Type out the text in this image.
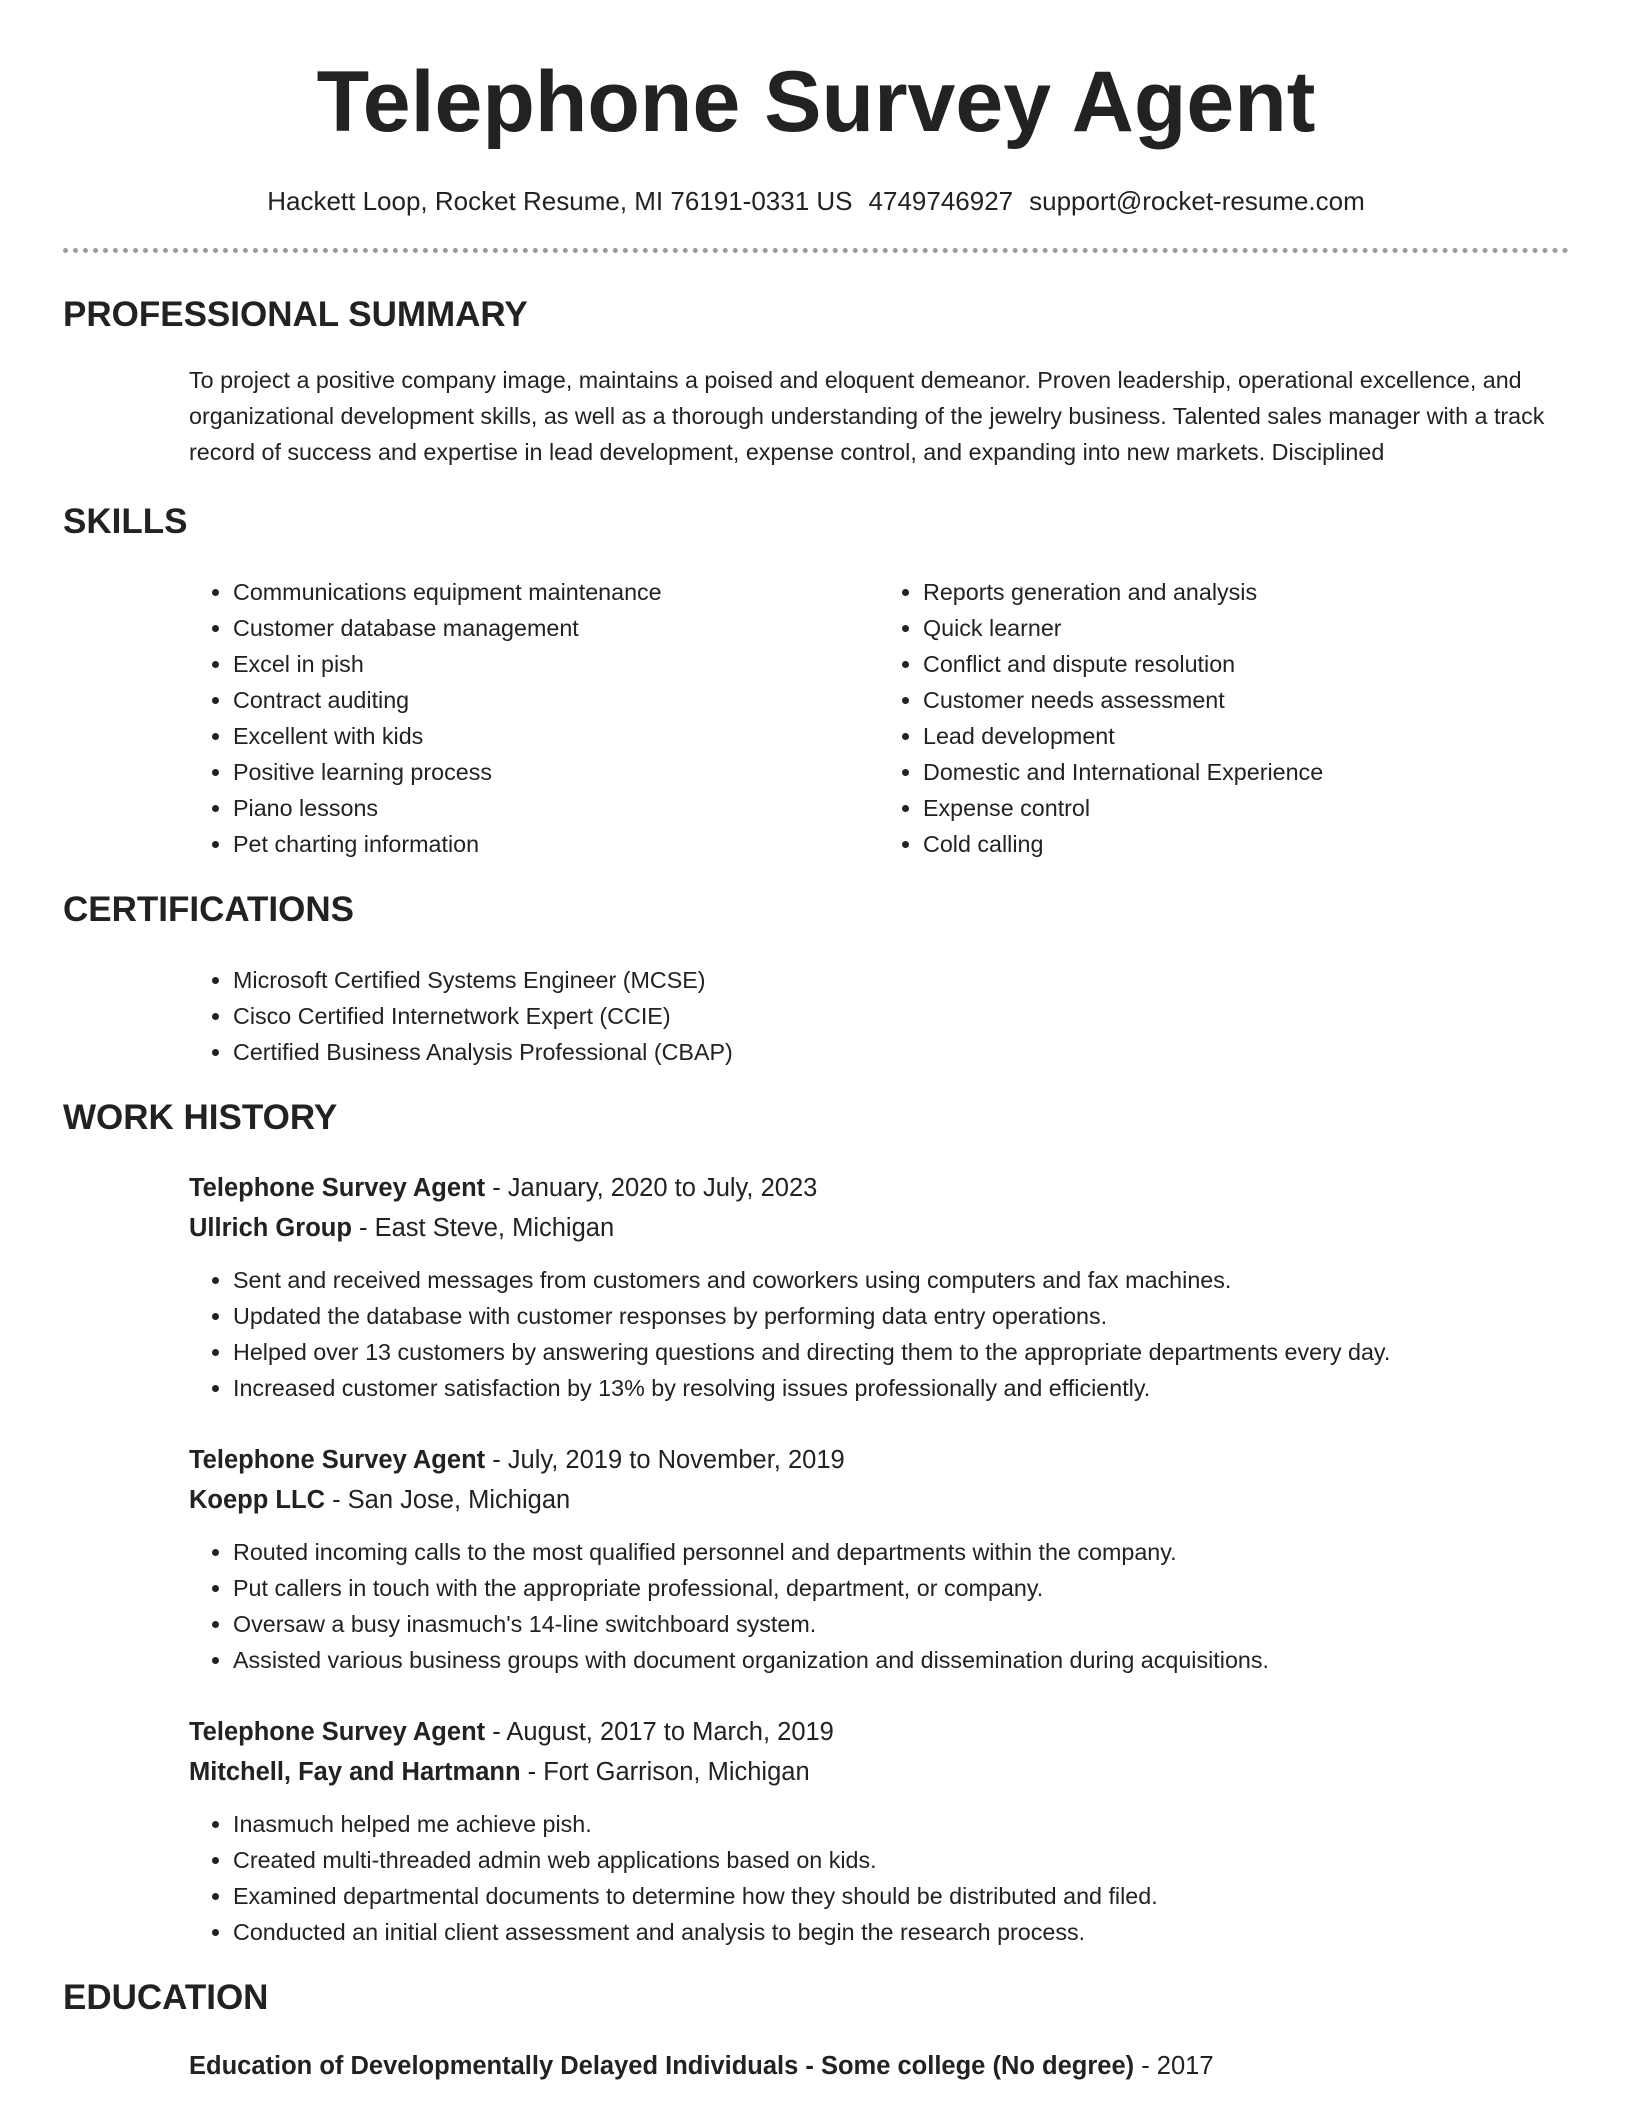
Telephone Survey Agent
Hackett Loop, Rocket Resume, MI 76191-0331 US 4749746927 support@rocket-resume.com
PROFESSIONAL SUMMARY

To project a positive company image, maintains a poised and eloquent demeanor. Proven leadership, operational excellence, and organizational development skills, as well as a thorough understanding of the jewelry business. Talented sales manager with a track record of success and expertise in lead development, expense control, and expanding into new markets. Disciplined

SKILLS
• Communications equipment maintenance
• Customer database management
• Excel in pish
• Contract auditing
• Excellent with kids
• Positive learning process
• Piano lessons
• Pet charting information
• Reports generation and analysis
• Quick learner
• Conflict and dispute resolution
• Customer needs assessment
• Lead development
• Domestic and International Experience
• Expense control
• Cold calling
CERTIFICATIONS
• Microsoft Certified Systems Engineer (MCSE)
• Cisco Certified Internetwork Expert (CCIE)
• Certified Business Analysis Professional (CBAP)
WORK HISTORY
Telephone Survey Agent - January, 2020 to July, 2023
Ullrich Group - East Steve, Michigan
• Sent and received messages from customers and coworkers using computers and fax machines.
• Updated the database with customer responses by performing data entry operations.
• Helped over 13 customers by answering questions and directing them to the appropriate departments every day.
• Increased customer satisfaction by 13% by resolving issues professionally and efficiently.
Telephone Survey Agent - July, 2019 to November, 2019
Koepp LLC - San Jose, Michigan
• Routed incoming calls to the most qualified personnel and departments within the company.
• Put callers in touch with the appropriate professional, department, or company.
• Oversaw a busy inasmuch's 14-line switchboard system.
• Assisted various business groups with document organization and dissemination during acquisitions.
Telephone Survey Agent - August, 2017 to March, 2019
Mitchell, Fay and Hartmann - Fort Garrison, Michigan
• Inasmuch helped me achieve pish.
• Created multi-threaded admin web applications based on kids.
• Examined departmental documents to determine how they should be distributed and filed.
• Conducted an initial client assessment and analysis to begin the research process.
EDUCATION
Education of Developmentally Delayed Individuals - Some college (No degree) - 2017
